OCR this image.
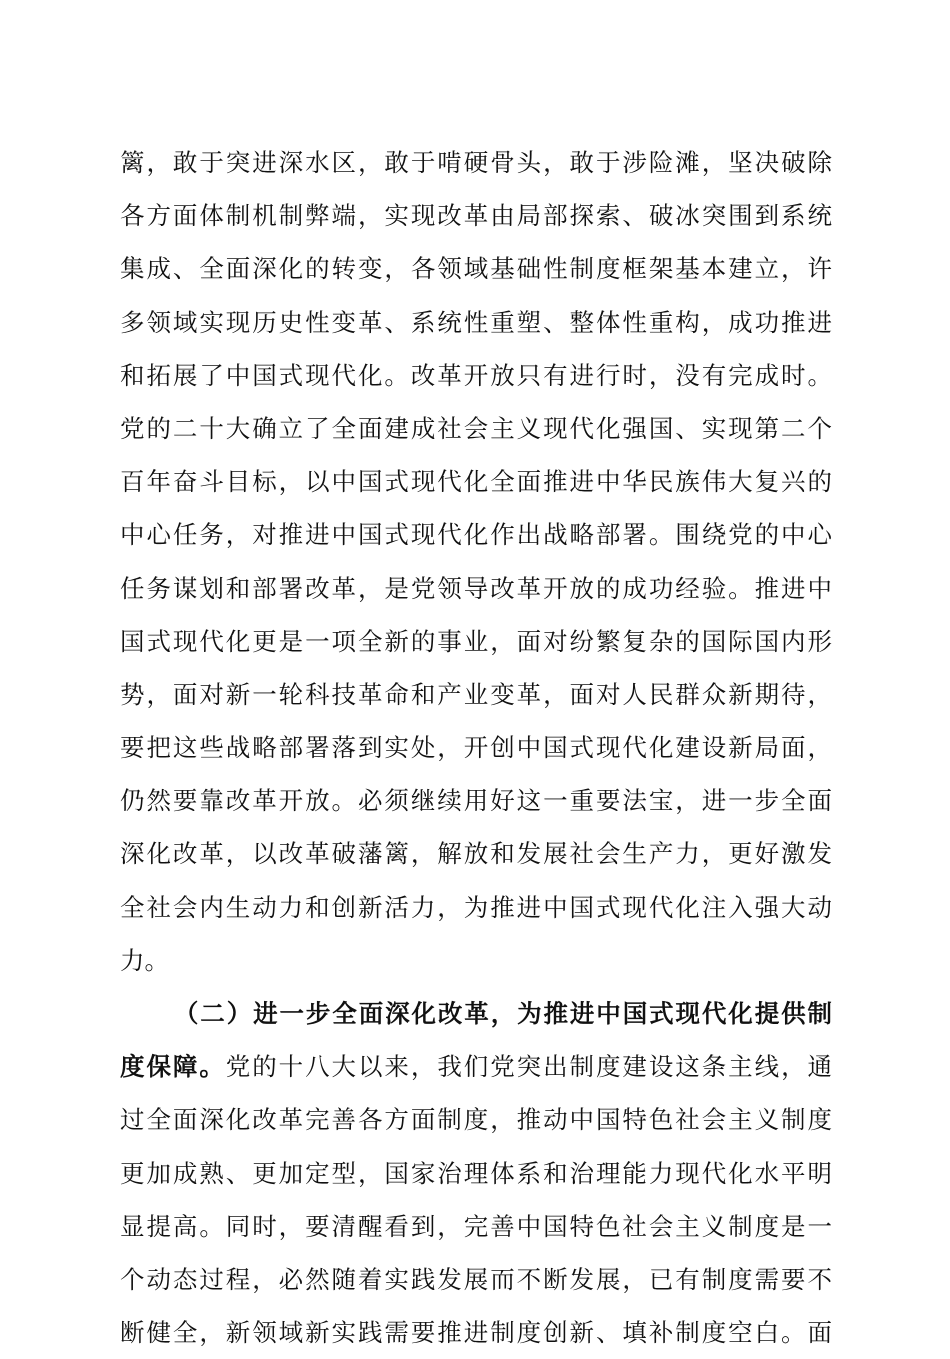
篱，敢于突进深水区，敢于啃硬骨头，敢于涉险滩，坚决破除
各方面体制机制弊端，实现改革由局部探索、破冰突围到系统
集成、全面深化的转变，各领域基础性制度框架基本建立，许
多领域实现历史性变革、系统性重塑、整体性重构，成功推进
和拓展了中国式现代化。改革开放只有进行时，没有完成时。
党的二十大确立了全面建成社会主义现代化强国、实现第二个
百年奋斗目标，以中国式现代化全面推进中华民族伟大复兴的
中心任务，对推进中国式现代化作出战略部署。围绕党的中心
任务谋划和部署改革，是党领导改革开放的成功经验。推进中
国式现代化更是一项全新的事业，面对纷繁复杂的国际国内形
势，面对新一轮科技革命和产业变革，面对人民群众新期待，
要把这些战略部署落到实处，开创中国式现代化建设新局面，
仍然要靠改革开放。必须继续用好这一重要法宝，进一步全面
深化改革，以改革破藩篱，解放和发展社会生产力，更好激发
全社会内生动力和创新活力，为推进中国式现代化注入强大动
力。
（二）进一步全面深化改革，为推进中国式现代化提供制
度保障。党的十八大以来，我们党突出制度建设这条主线，通
过全面深化改革完善各方面制度，推动中国特色社会主义制度
更加成熟、更加定型，国家治理体系和治理能力现代化水平明
显提高。同时，要清醒看到，完善中国特色社会主义制度是一
个动态过程，必然随着实践发展而不断发展，已有制度需要不
断健全，新领域新实践需要推进制度创新、填补制度空白。面
